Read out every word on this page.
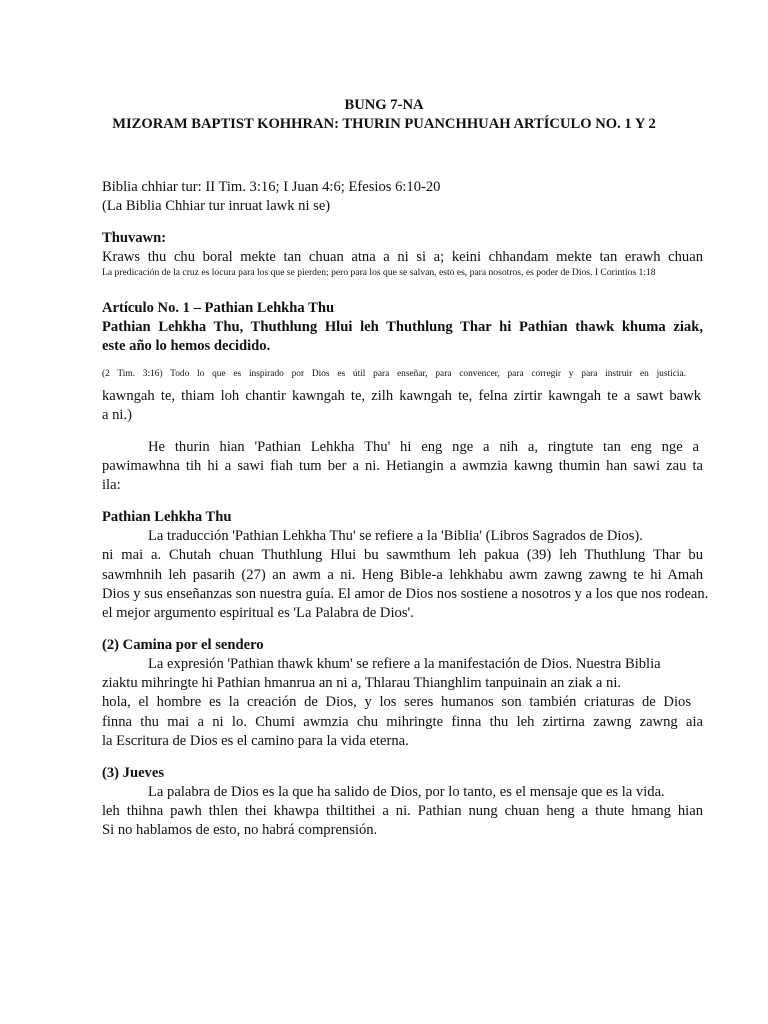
BUNG 7-NA
MIZORAM BAPTIST KOHHRAN: THURIN PUANCHHUAH ARTÍCULO NO. 1 Y 2
Biblia chhiar tur: II Tim. 3:16; I Juan 4:6; Efesios 6:10-20
(La Biblia Chhiar tur inruat lawk ni se)
Thuvawn:
Kraws thu chu boral mekte tan chuan atna a ni si a; keini chhandam mekte tan erawh chuan
La predicación de la cruz es locura para los que se pierden; pero para los que se salvan, esto es, para nosotros, es poder de Dios. I Corintios 1:18
Artículo No. 1 – Pathian Lehkha Thu
Pathian Lehkha Thu, Thuthlung Hlui leh Thuthlung Thar hi Pathian thawk khuma ziak,
este año lo hemos decidido.
(2 Tim. 3:16) Todo lo que es inspirado por Dios es útil para enseñar, para convencer, para corregir y para instruir en justicia.
kawngah te, thiam loh chantir kawngah te, zilh kawngah te, felna zirtir kawngah te a sawt bawk
a ni.)
He thurin hian 'Pathian Lehkha Thu' hi eng nge a nih a, ringtute tan eng nge a
pawimawhna tih hi a sawi fiah tum ber a ni. Hetiangin a awmzia kawng thumin han sawi zau ta
ila:
Pathian Lehkha Thu
La traducción 'Pathian Lehkha Thu' se refiere a la 'Biblia' (Libros Sagrados de Dios).
ni mai a. Chutah chuan Thuthlung Hlui bu sawmthum leh pakua (39) leh Thuthlung Thar bu
sawmhnih leh pasarih (27) an awm a ni. Heng Bible-a lehkhabu awm zawng zawng te hi Amah
Dios y sus enseñanzas son nuestra guía. El amor de Dios nos sostiene a nosotros y a los que nos rodean.
el mejor argumento espiritual es 'La Palabra de Dios'.
(2) Camina por el sendero
La expresión 'Pathian thawk khum' se refiere a la manifestación de Dios. Nuestra Biblia
ziaktu mihringte hi Pathian hmanrua an ni a, Thlarau Thianghlim tanpuinain an ziak a ni.
hola, el hombre es la creación de Dios, y los seres humanos son también criaturas de Dios
finna thu mai a ni lo. Chumi awmzia chu mihringte finna thu leh zirtirna zawng zawng aia
la Escritura de Dios es el camino para la vida eterna.
(3) Jueves
La palabra de Dios es la que ha salido de Dios, por lo tanto, es el mensaje que es la vida.
leh thihna pawh thlen thei khawpa thiltithei a ni. Pathian nung chuan heng a thute hmang hian
Si no hablamos de esto, no habrá comprensión.
